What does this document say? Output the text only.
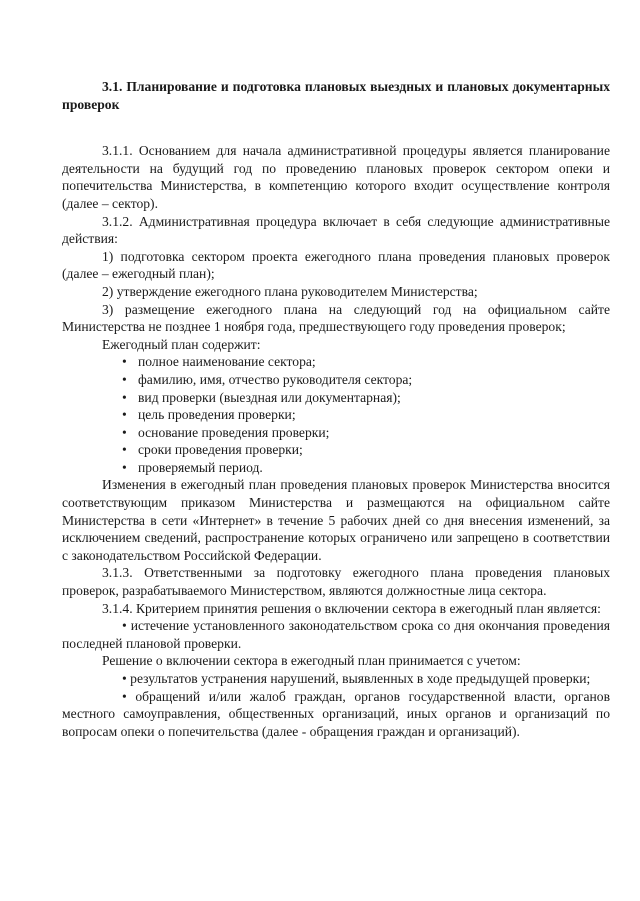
3.1. Планирование и подготовка плановых выездных и плановых документарных проверок

3.1.1. Основанием для начала административной процедуры является планирование деятельности на будущий год по проведению плановых проверок сектором опеки и попечительства Министерства, в компетенцию которого входит осуществление контроля (далее – сектор).

3.1.2. Административная процедура включает в себя следующие административные действия:

1) подготовка сектором проекта ежегодного плана проведения плановых проверок (далее – ежегодный план);

2) утверждение ежегодного плана руководителем Министерства;

3) размещение ежегодного плана на следующий год на официальном сайте Министерства не позднее 1 ноября года, предшествующего году проведения проверок;

Ежегодный план содержит:

• полное наименование сектора;
• фамилию, имя, отчество руководителя сектора;
• вид проверки (выездная или документарная);
• цель проведения проверки;
• основание проведения проверки;
• сроки проведения проверки;
• проверяемый период.

Изменения в ежегодный план проведения плановых проверок Министерства вносится соответствующим приказом Министерства и размещаются на официальном сайте Министерства в сети «Интернет» в течение 5 рабочих дней со дня внесения изменений, за исключением сведений, распространение которых ограничено или запрещено в соответствии с законодательством Российской Федерации.

3.1.3. Ответственными за подготовку ежегодного плана проведения плановых проверок, разрабатываемого Министерством, являются должностные лица сектора.

3.1.4. Критерием принятия решения о включении сектора в ежегодный план является:

• истечение установленного законодательством срока со дня окончания проведения последней плановой проверки.

Решение о включении сектора в ежегодный план принимается с учетом:

• результатов устранения нарушений, выявленных в ходе предыдущей проверки;

• обращений и/или жалоб граждан, органов государственной власти, органов местного самоуправления, общественных организаций, иных органов и организаций по вопросам опеки о попечительства (далее - обращения граждан и организаций).
